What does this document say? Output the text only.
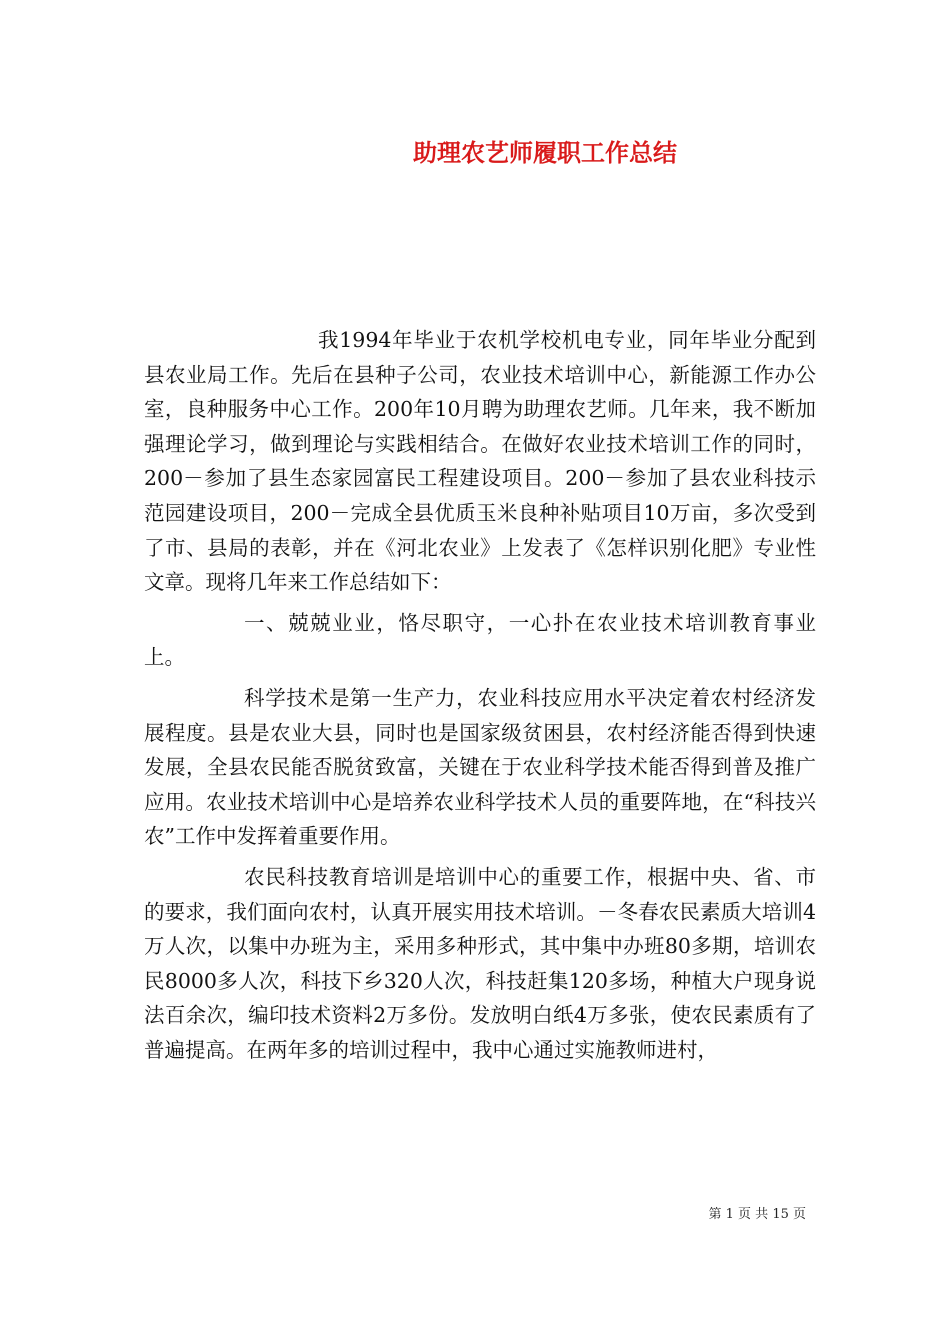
助理农艺师履职工作总结

我1994年毕业于农机学校机电专业，同年毕业分配到县农业局工作。先后在县种子公司，农业技术培训中心，新能源工作办公室，良种服务中心工作。200年10月聘为助理农艺师。几年来，我不断加强理论学习，做到理论与实践相结合。在做好农业技术培训工作的同时，200－参加了县生态家园富民工程建设项目。200－参加了县农业科技示范园建设项目，200－完成全县优质玉米良种补贴项目10万亩，多次受到了市、县局的表彰，并在《河北农业》上发表了《怎样识别化肥》专业性文章。现将几年来工作总结如下：

一、兢兢业业，恪尽职守，一心扑在农业技术培训教育事业上。

科学技术是第一生产力，农业科技应用水平决定着农村经济发展程度。县是农业大县，同时也是国家级贫困县，农村经济能否得到快速发展，全县农民能否脱贫致富，关键在于农业科学技术能否得到普及推广应用。农业技术培训中心是培养农业科学技术人员的重要阵地，在“科技兴农”工作中发挥着重要作用。

农民科技教育培训是培训中心的重要工作，根据中央、省、市的要求，我们面向农村，认真开展实用技术培训。－冬春农民素质大培训4万人次，以集中办班为主，采用多种形式，其中集中办班80多期，培训农民8000多人次，科技下乡320人次，科技赶集120多场，种植大户现身说法百余次，编印技术资料2万多份。发放明白纸4万多张，使农民素质有了普遍提高。在两年多的培训过程中，我中心通过实施教师进村，

第 1 页 共 15 页
